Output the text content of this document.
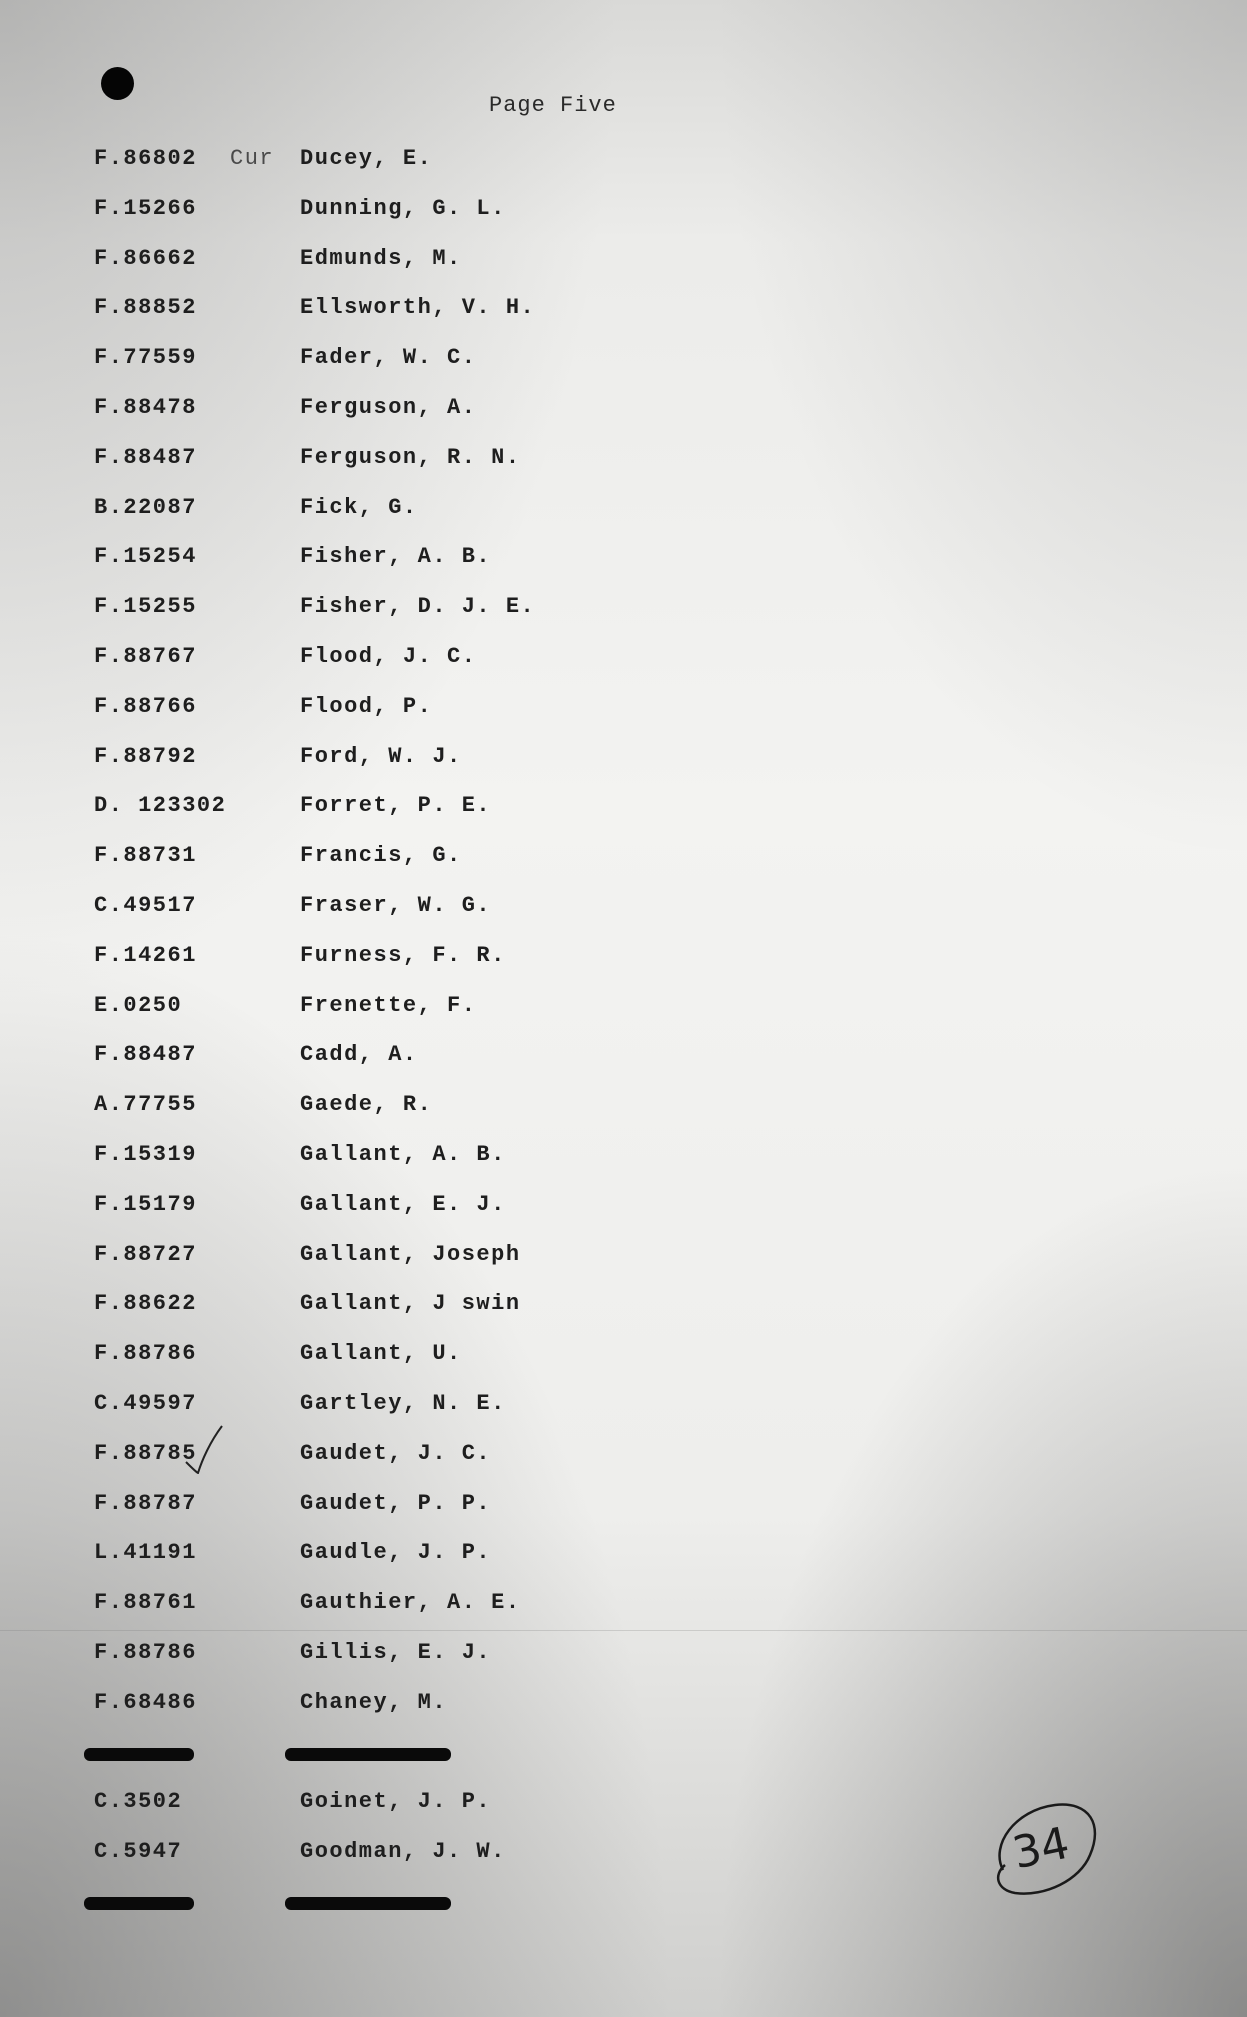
Page Five
F.86802 Cur Ducey, E.
F.15266	Dunning, G. L.
F.86662	Edmunds, M.
F.88852	Ellsworth, V. H.
F.77559	Fader, W. C.
F.88478	Ferguson, A.
F.88487	Ferguson, R. N.
B.22087	Fick, G.
F.15254	Fisher, A. B.
F.15255	Fisher, D. J. E.
F.88767	Flood, J. C.
F.88766	Flood, P.
F.88792	Ford, W. J.
D. 123302	Forret, P. E.
F.88731	Francis, G.
C.49517	Fraser, W. G.
F.14261	Furness, F. R.
E.0250	Frenette, F.
F.88487	Cadd, A.
A.77755	Gaede, R.
F.15319	Gallant, A. B.
F.15179	Gallant, E. J.
F.88727	Gallant, Joseph
F.88622	Gallant, J swin
F.88786	Gallant, U.
C.49597	Gartley, N. E.
F.88785	Gaudet, J. C.
F.88787	Gaudet, P. P.
L.41191	Gaudle, J. P.
F.88761	Gauthier, A. E.
F.88786	Gillis, E. J.
F.68486	Chaney, M.
C.3502	Goinet, J. P.
C.5947	Goodman, J. W.	34
